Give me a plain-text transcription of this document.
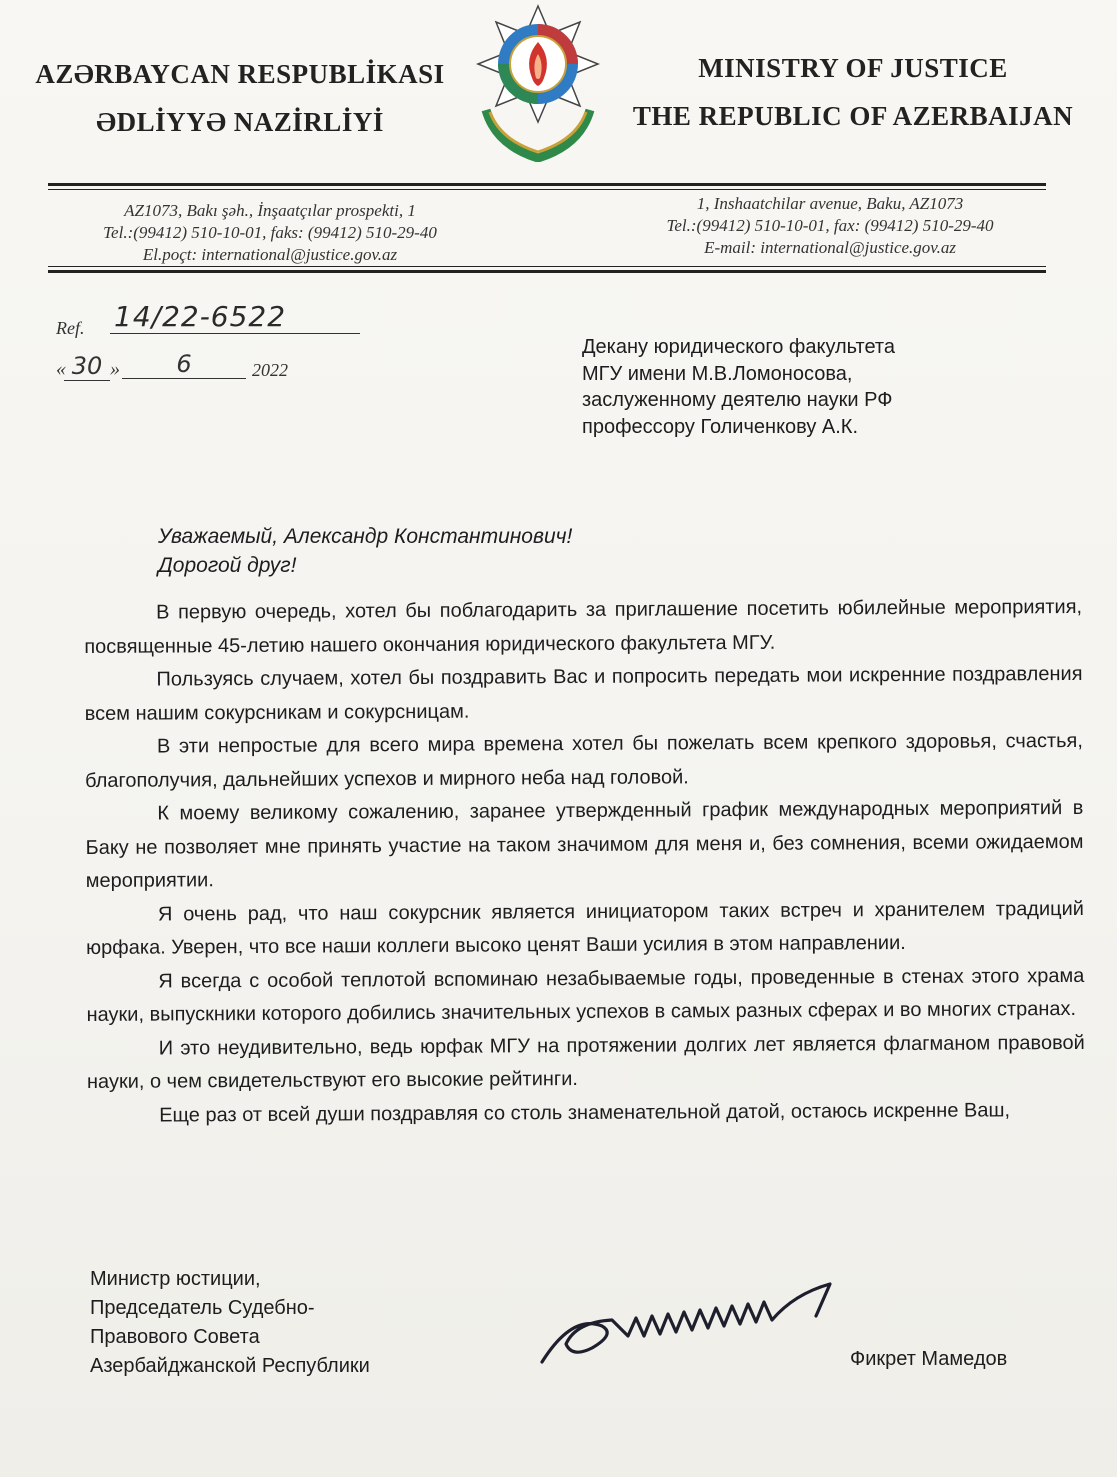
AZƏRBAYCAN RESPUBLİKASI
ƏDLİYYƏ NAZİRLİYİ
MINISTRY OF JUSTICE
THE REPUBLIC OF AZERBAIJAN
AZ1073, Bakı şəh., İnşaatçılar prospekti, 1
Tel.:(99412) 510-10-01, faks: (99412) 510-29-40
El.poçt: international@justice.gov.az
1, Inshaatchilar avenue, Baku, AZ1073
Tel.:(99412) 510-10-01, fax: (99412) 510-29-40
E-mail: international@justice.gov.az
Ref. 14/22-6522
« 30 »	6	2022
Декану юридического факультета
МГУ имени М.В.Ломоносова,
заслуженному деятелю науки РФ
профессору Голиченкову А.К.
Уважаемый, Александр Константинович!
Дорогой друг!

В первую очередь, хотел бы поблагодарить за приглашение посетить юбилейные мероприятия, посвященные 45-летию нашего окончания юридического факультета МГУ.

Пользуясь случаем, хотел бы поздравить Вас и попросить передать мои искренние поздравления всем нашим сокурсникам и сокурсницам.

В эти непростые для всего мира времена хотел бы пожелать всем крепкого здоровья, счастья, благополучия, дальнейших успехов и мирного неба над головой.

К моему великому сожалению, заранее утвержденный график международных мероприятий в Баку не позволяет мне принять участие на таком значимом для меня и, без сомнения, всеми ожидаемом мероприятии.

Я очень рад, что наш сокурсник является инициатором таких встреч и хранителем традиций юрфака. Уверен, что все наши коллеги высоко ценят Ваши усилия в этом направлении.

Я всегда с особой теплотой вспоминаю незабываемые годы, проведенные в стенах этого храма науки, выпускники которого добились значительных успехов в самых разных сферах и во многих странах.

И это неудивительно, ведь юрфак МГУ на протяжении долгих лет является флагманом правовой науки, о чем свидетельствуют его высокие рейтинги.

Еще раз от всей души поздравляя со столь знаменательной датой, остаюсь искренне Ваш,

Министр юстиции,
Председатель Судебно-
Правового Совета
Азербайджанской Республики	Фикрет Мамедов
